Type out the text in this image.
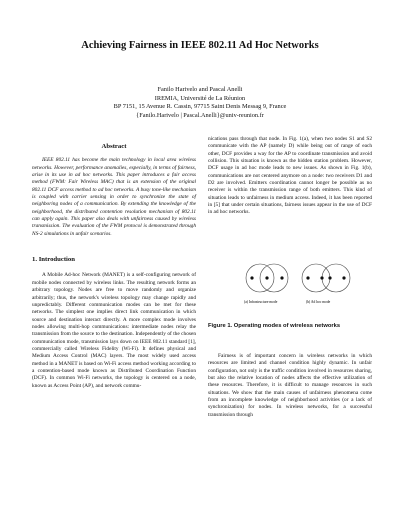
Achieving Fairness in IEEE 802.11 Ad Hoc Networks
Fanilo Harivelo and Pascal Anelli
IREMIA, Université de La Réunion
BP 7151, 15 Avenue R. Cassin, 97715 Saint Denis Messag 9, France
{Fanilo.Harivelo | Pascal.Anelli}@univ-reunion.fr
Abstract

IEEE 802.11 has become the main technology in local area wireless networks. However, performance anomalies, especially, in terms of fairness, arise in its use in ad hoc networks. This paper introduces a fair access method (FWM: Fair Wireless MAC) that is an extension of the original 802.11 DCF access method to ad hoc networks. A busy tone-like mechanism is coupled with carrier sensing in order to synchronize the state of neighboring nodes of a communication. By extending the knowledge of the neighborhood, the distributed contention resolution mechanism of 802.11 can apply again. This paper also deals with unfairness caused by wireless transmission. The evaluation of the FWM protocol is demonstrated through NS-2 simulations in unfair scenarios.

1. Introduction

A Mobile Ad-hoc Network (MANET) is a self-configuring network of mobile nodes connected by wireless links. The resulting network forms an arbitrary topology. Nodes are free to move randomly and organize arbitrarily; thus, the network's wireless topology may change rapidly and unpredictably. Different communication modes can be met for these networks. The simplest one implies direct link communication in which source and destination interact directly. A more complex mode involves nodes allowing multi-hop communications: intermediate nodes relay the transmission from the source to the destination. Independently of the chosen communication mode, transmission lays down on IEEE 802.11 standard [1], commercially called Wireless Fidelity (Wi-Fi). It defines physical and Medium Access Control (MAC) layers. The most widely used access method in a MANET is based on Wi-Fi access method working according to a contention-based mode known as Distributed Coordination Function (DCF). In common Wi-Fi networks, the topology is centered on a node, known as Access Point (AP), and network commu-

nications pass through that node. In Fig. 1(a), when two nodes S1 and S2 communicate with the AP (namely D) while being out of range of each other, DCF provides a way for the AP to coordinate transmission and avoid collision. This situation is known as the hidden station problem. However, DCF usage in ad hoc mode leads to new issues. As shown in Fig. 1(b), communications are not centered anymore on a node: two receivers D1 and D2 are involved. Emitters coordination cannot longer be possible as no receiver is within the transmission range of both emitters. This kind of situation leads to unfairness in medium access. Indeed, it has been reported in [5] that under certain situations, fairness issues appear in the use of DCF in ad hoc networks.

(a) Infrastructure mode	(b) Ad hoc mode
Figure 1. Operating modes of wireless networks

Fairness is of important concern in wireless networks in which resources are limited and channel condition highly dynamic. In unfair configuration, not only is the traffic condition involved in resources sharing, but also the relative location of nodes affects the effective utilization of these resources. Therefore, it is difficult to manage resources in such situations. We show that the main causes of unfairness phenomena come from an incomplete knowledge of neighborhood activities (or a lack of synchronization) for nodes. In wireless networks, for a successful transmission through
